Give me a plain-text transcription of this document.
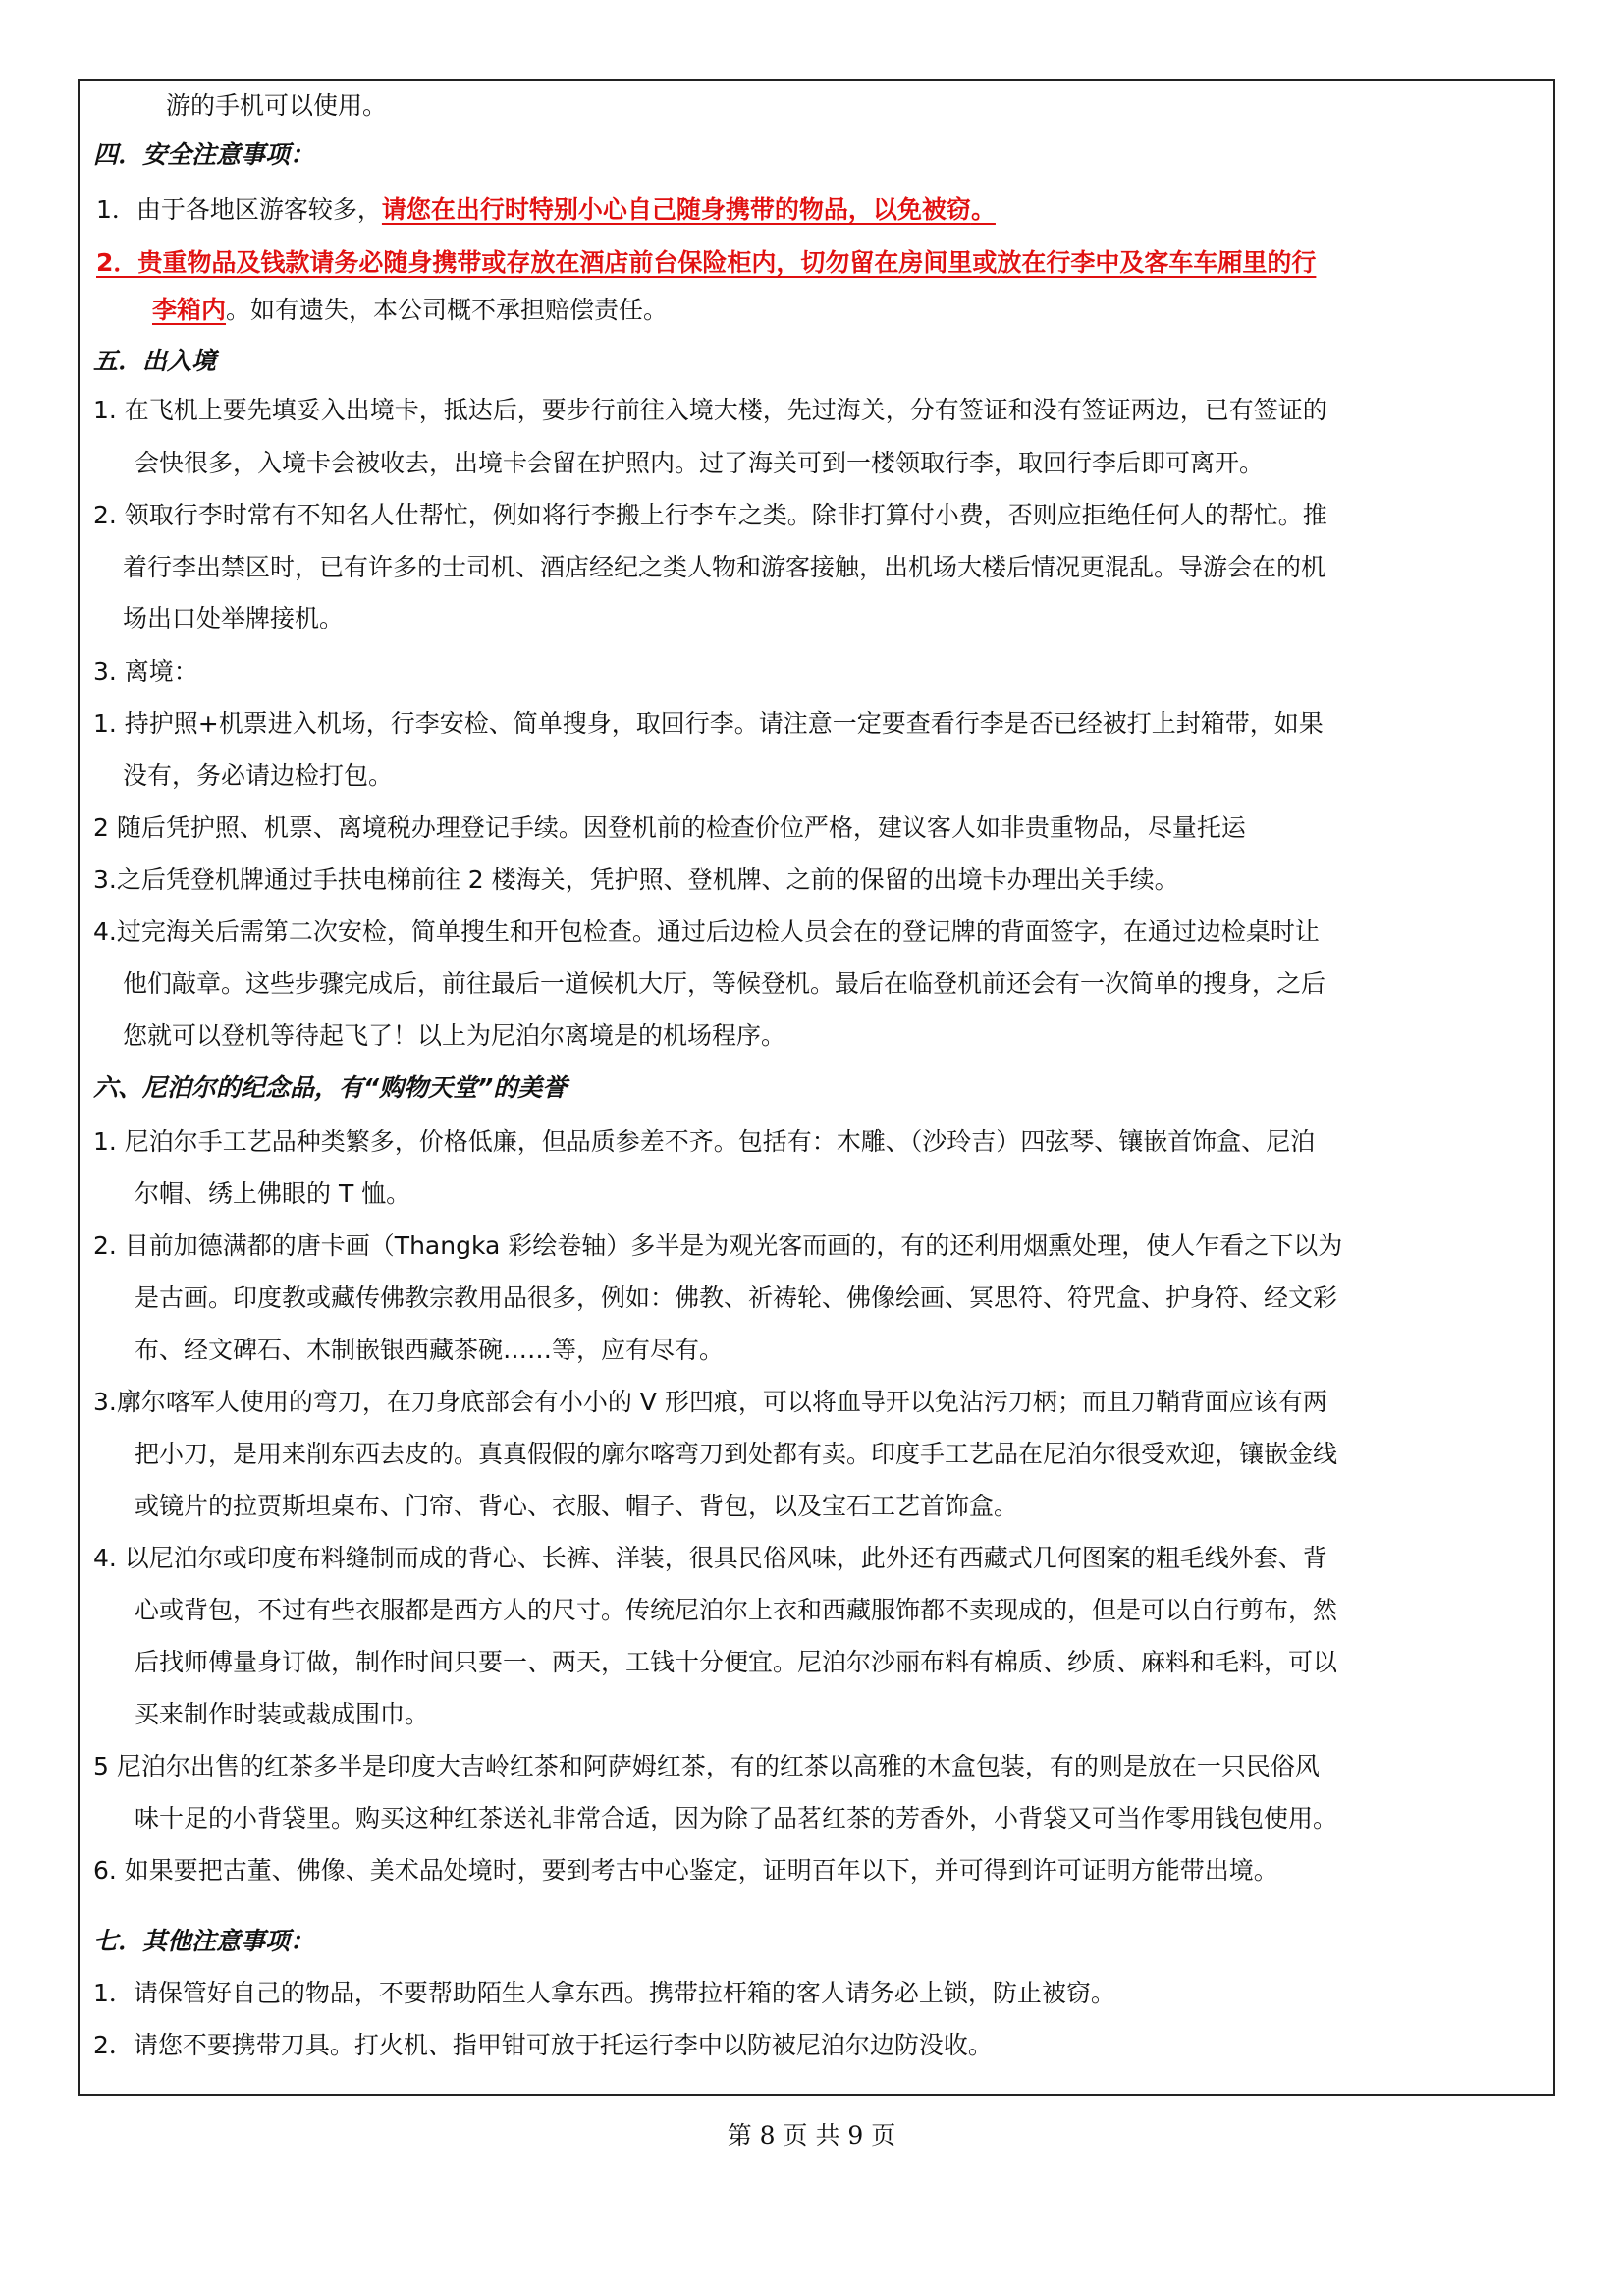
游的手机可以使用。
四．安全注意事项：
1．由于各地区游客较多，请您在出行时特别小心自己随身携带的物品，以免被窃。
2．贵重物品及钱款请务必随身携带或存放在酒店前台保险柜内，切勿留在房间里或放在行李中及客车车厢里的行
李箱内。如有遗失，本公司概不承担赔偿责任。
五．出入境
1. 在飞机上要先填妥入出境卡，抵达后，要步行前往入境大楼，先过海关，分有签证和没有签证两边，已有签证的
会快很多，入境卡会被收去，出境卡会留在护照内。过了海关可到一楼领取行李，取回行李后即可离开。
2. 领取行李时常有不知名人仕帮忙，例如将行李搬上行李车之类。除非打算付小费，否则应拒绝任何人的帮忙。推
着行李出禁区时，已有许多的士司机、酒店经纪之类人物和游客接触，出机场大楼后情况更混乱。导游会在的机
场出口处举牌接机。
3. 离境：
1. 持护照+机票进入机场，行李安检、简单搜身，取回行李。请注意一定要查看行李是否已经被打上封箱带，如果
没有，务必请边检打包。
2 随后凭护照、机票、离境税办理登记手续。因登机前的检查价位严格，建议客人如非贵重物品，尽量托运
3.之后凭登机牌通过手扶电梯前往 2 楼海关，凭护照、登机牌、之前的保留的出境卡办理出关手续。
4.过完海关后需第二次安检，简单搜生和开包检查。通过后边检人员会在的登记牌的背面签字，在通过边检桌时让
他们敲章。这些步骤完成后，前往最后一道候机大厅，等候登机。最后在临登机前还会有一次简单的搜身，之后
您就可以登机等待起飞了！以上为尼泊尔离境是的机场程序。
六、尼泊尔的纪念品，有“购物天堂”的美誉
1. 尼泊尔手工艺品种类繁多，价格低廉，但品质参差不齐。包括有：木雕、（沙玲吉）四弦琴、镶嵌首饰盒、尼泊
尔帽、绣上佛眼的 T 恤。
2. 目前加德满都的唐卡画（Thangka 彩绘卷轴）多半是为观光客而画的，有的还利用烟熏处理，使人乍看之下以为
是古画。印度教或藏传佛教宗教用品很多，例如：佛教、祈祷轮、佛像绘画、冥思符、符咒盒、护身符、经文彩
布、经文碑石、木制嵌银西藏茶碗……等，应有尽有。
3.廓尔喀军人使用的弯刀，在刀身底部会有小小的 V 形凹痕，可以将血导开以免沾污刀柄；而且刀鞘背面应该有两
把小刀，是用来削东西去皮的。真真假假的廓尔喀弯刀到处都有卖。印度手工艺品在尼泊尔很受欢迎，镶嵌金线
或镜片的拉贾斯坦桌布、门帘、背心、衣服、帽子、背包，以及宝石工艺首饰盒。
4. 以尼泊尔或印度布料缝制而成的背心、长裤、洋装，很具民俗风味，此外还有西藏式几何图案的粗毛线外套、背
心或背包，不过有些衣服都是西方人的尺寸。传统尼泊尔上衣和西藏服饰都不卖现成的，但是可以自行剪布，然
后找师傅量身订做，制作时间只要一、两天，工钱十分便宜。尼泊尔沙丽布料有棉质、纱质、麻料和毛料，可以
买来制作时装或裁成围巾。
5 尼泊尔出售的红茶多半是印度大吉岭红茶和阿萨姆红茶，有的红茶以高雅的木盒包装，有的则是放在一只民俗风
味十足的小背袋里。购买这种红茶送礼非常合适，因为除了品茗红茶的芳香外，小背袋又可当作零用钱包使用。
6. 如果要把古董、佛像、美术品处境时，要到考古中心鉴定，证明百年以下，并可得到许可证明方能带出境。
七．其他注意事项：
1．请保管好自己的物品，不要帮助陌生人拿东西。携带拉杆箱的客人请务必上锁，防止被窃。
2．请您不要携带刀具。打火机、指甲钳可放于托运行李中以防被尼泊尔边防没收。
第 8 页 共 9 页
